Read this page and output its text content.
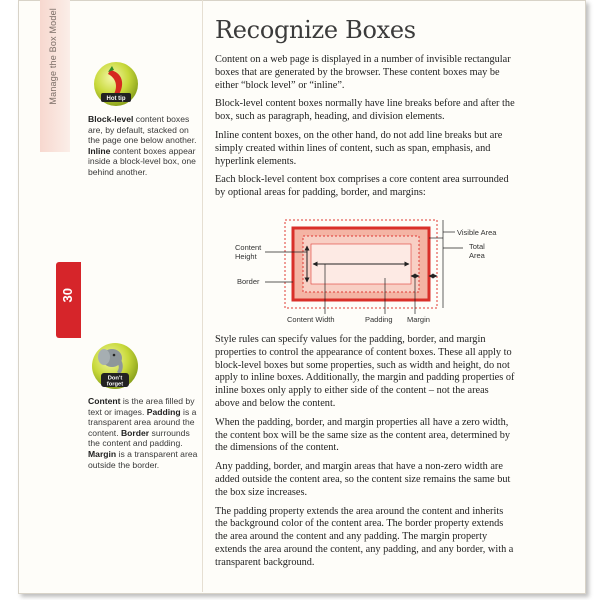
Manage the Box Model
30
Hot tip
Block-level content boxes are, by default, stacked on the page one below another. Inline content boxes appear inside a block-level box, one behind another.
Don't
forget
Content is the area filled by text or images. Padding is a transparent area around the content. Border surrounds the content and padding. Margin is a transparent area outside the border.
Recognize Boxes

Content on a web page is displayed in a number of invisible rectangular boxes that are generated by the browser. These content boxes may be either “block level” or “inline”.

Block-level content boxes normally have line breaks before and after the box, such as paragraph, heading, and division elements.

Inline content boxes, on the other hand, do not add line breaks but are simply created within lines of content, such as span, emphasis, and hyperlink elements.

Each block-level content box comprises a core content area surrounded by optional areas for padding, border, and margins:

Content
Height
Border
Content Width	Padding Margin
Visible Area
Total
Area

Style rules can specify values for the padding, border, and margin properties to control the appearance of content boxes. These all apply to block-level boxes but some properties, such as width and height, do not apply to inline boxes. Additionally, the margin and padding properties of inline boxes only apply to either side of the content – not the areas above and below the content.

When the padding, border, and margin properties all have a zero width, the content box will be the same size as the content area, determined by the dimensions of the content.

Any padding, border, and margin areas that have a non-zero width are added outside the content area, so the content size remains the same but the box size increases.

The padding property extends the area around the content and inherits the background color of the content area. The border property extends the area around the content and any padding. The margin property extends the area around the content, any padding, and any border, with a transparent background.
